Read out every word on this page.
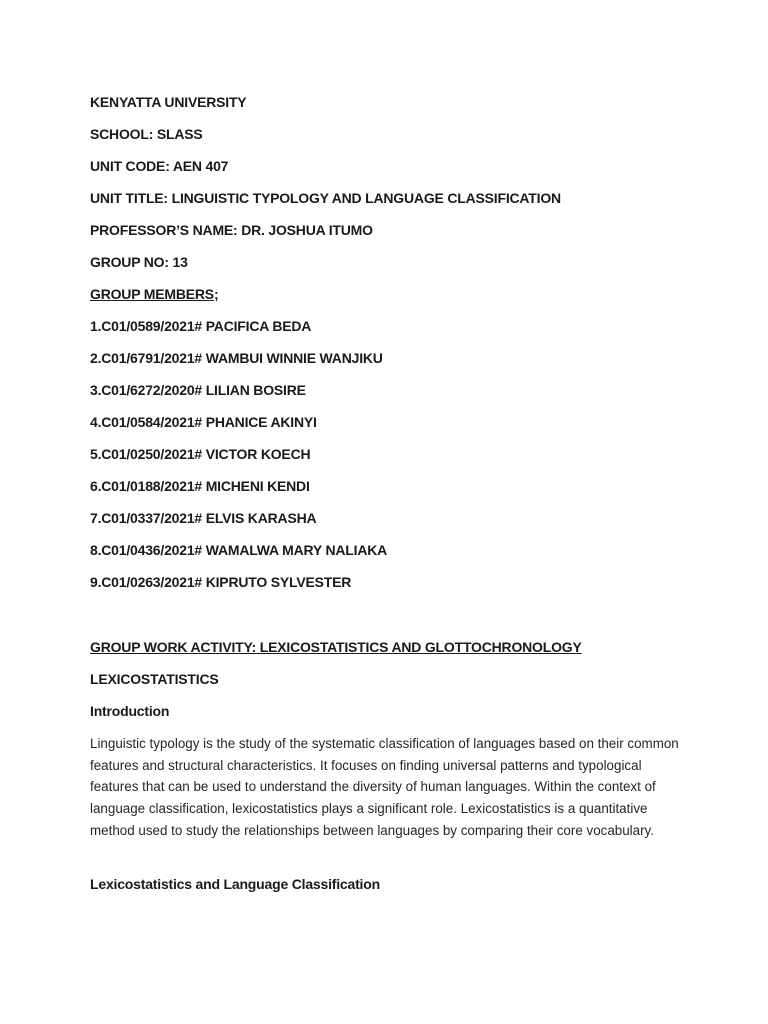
KENYATTA UNIVERSITY
SCHOOL: SLASS
UNIT CODE: AEN 407
UNIT TITLE: LINGUISTIC TYPOLOGY AND LANGUAGE CLASSIFICATION
PROFESSOR’S NAME: DR. JOSHUA ITUMO
GROUP NO: 13
GROUP MEMBERS;
1.C01/0589/2021# PACIFICA BEDA
2.C01/6791/2021# WAMBUI WINNIE WANJIKU
3.C01/6272/2020# LILIAN BOSIRE
4.C01/0584/2021# PHANICE AKINYI
5.C01/0250/2021# VICTOR KOECH
6.C01/0188/2021# MICHENI KENDI
7.C01/0337/2021# ELVIS KARASHA
8.C01/0436/2021# WAMALWA MARY NALIAKA
9.C01/0263/2021# KIPRUTO SYLVESTER
GROUP WORK ACTIVITY: LEXICOSTATISTICS AND GLOTTOCHRONOLOGY
LEXICOSTATISTICS
Introduction

Linguistic typology is the study of the systematic classification of languages based on their common features and structural characteristics. It focuses on finding universal patterns and typological features that can be used to understand the diversity of human languages. Within the context of language classification, lexicostatistics plays a significant role. Lexicostatistics is a quantitative method used to study the relationships between languages by comparing their core vocabulary.

Lexicostatistics and Language Classification
